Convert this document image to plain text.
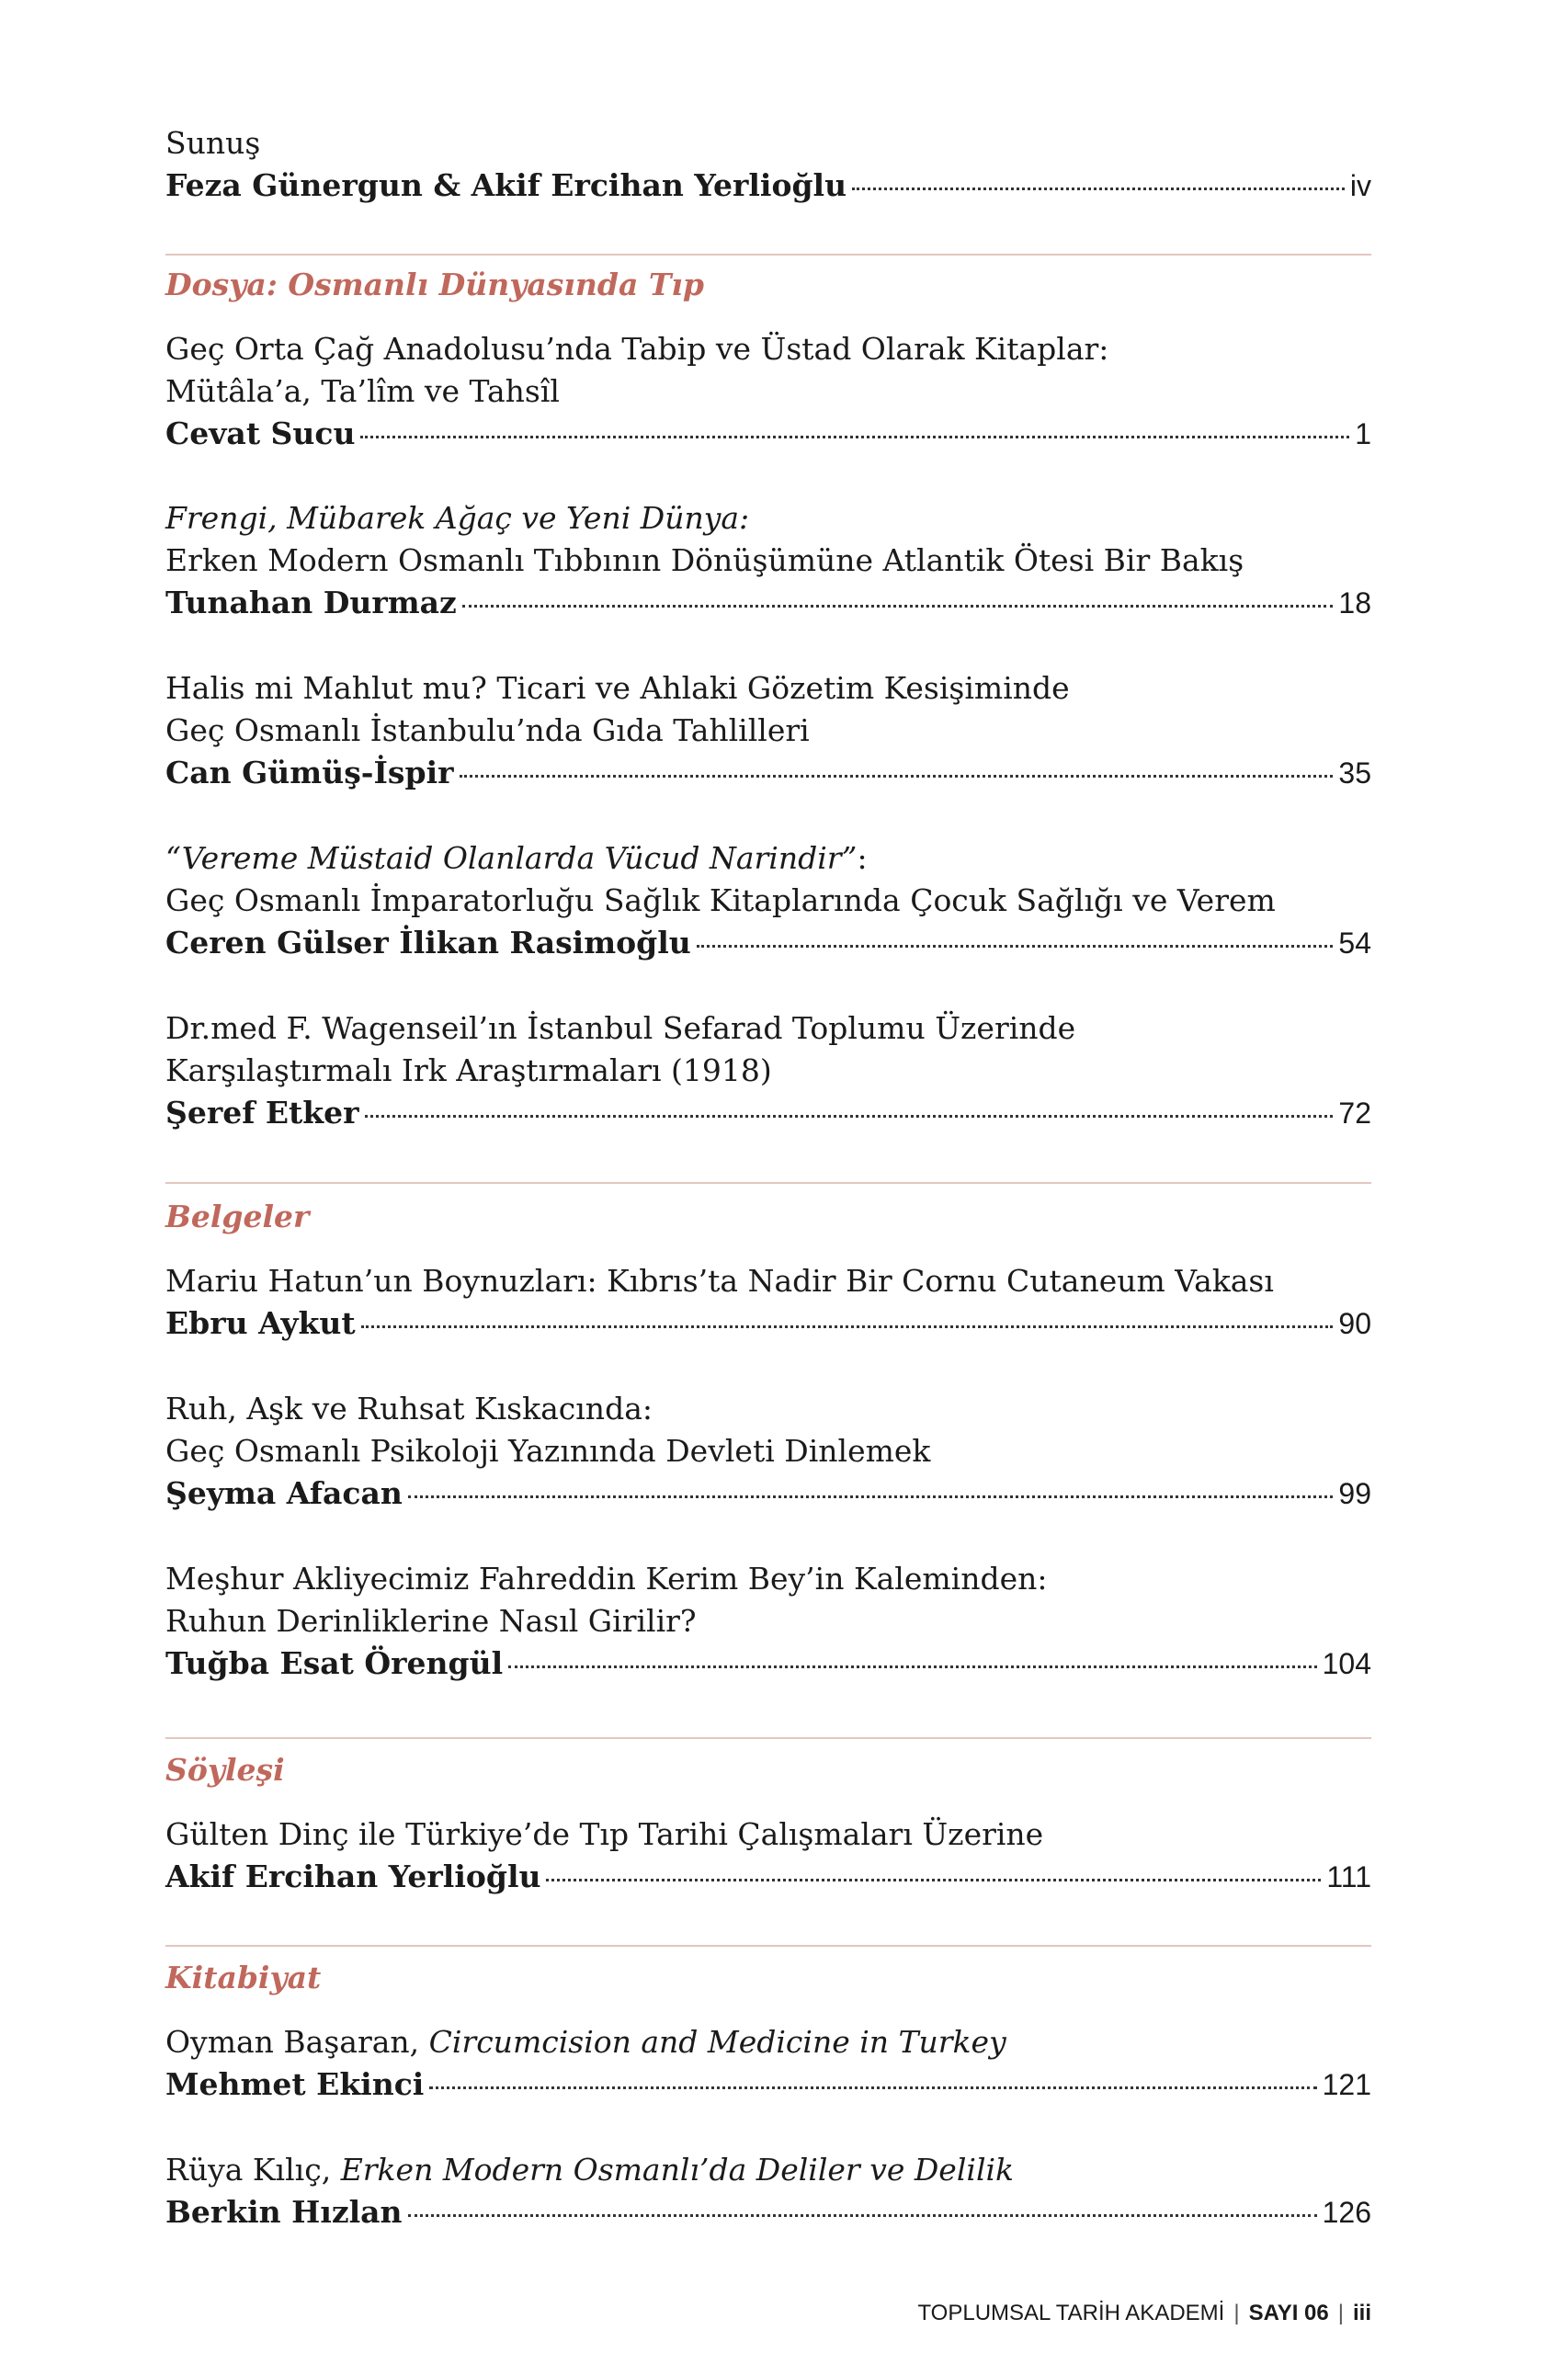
Sunuş
Feza Günergun & Akif Ercihan Yerlioğlu	iv
Dosya: Osmanlı Dünyasında Tıp
Geç Orta Çağ Anadolusu’nda Tabip ve Üstad Olarak Kitaplar:
Mütâla’a, Ta’lîm ve Tahsîl
Cevat Sucu	1
Frengi, Mübarek Ağaç ve Yeni Dünya:
Erken Modern Osmanlı Tıbbının Dönüşümüne Atlantik Ötesi Bir Bakış
Tunahan Durmaz	18
Halis mi Mahlut mu? Ticari ve Ahlaki Gözetim Kesişiminde
Geç Osmanlı İstanbulu’nda Gıda Tahlilleri
Can Gümüş-İspir	35
“Vereme Müstaid Olanlarda Vücud Narindir”:
Geç Osmanlı İmparatorluğu Sağlık Kitaplarında Çocuk Sağlığı ve Verem
Ceren Gülser İlikan Rasimoğlu	54
Dr.med F. Wagenseil’ın İstanbul Sefarad Toplumu Üzerinde
Karşılaştırmalı Irk Araştırmaları (1918)
Şeref Etker	72
Belgeler
Mariu Hatun’un Boynuzları: Kıbrıs’ta Nadir Bir Cornu Cutaneum Vakası
Ebru Aykut	90
Ruh, Aşk ve Ruhsat Kıskacında:
Geç Osmanlı Psikoloji Yazınında Devleti Dinlemek
Şeyma Afacan	99
Meşhur Akliyecimiz Fahreddin Kerim Bey’in Kaleminden:
Ruhun Derinliklerine Nasıl Girilir?
Tuğba Esat Örengül	104
Söyleşi
Gülten Dinç ile Türkiye’de Tıp Tarihi Çalışmaları Üzerine
Akif Ercihan Yerlioğlu	111
Kitabiyat
Oyman Başaran, Circumcision and Medicine in Turkey
Mehmet Ekinci	121
Rüya Kılıç, Erken Modern Osmanlı’da Deliler ve Delilik
Berkin Hızlan	126
TOPLUMSAL TARİH AKADEMİ | SAYI 06 | iii
